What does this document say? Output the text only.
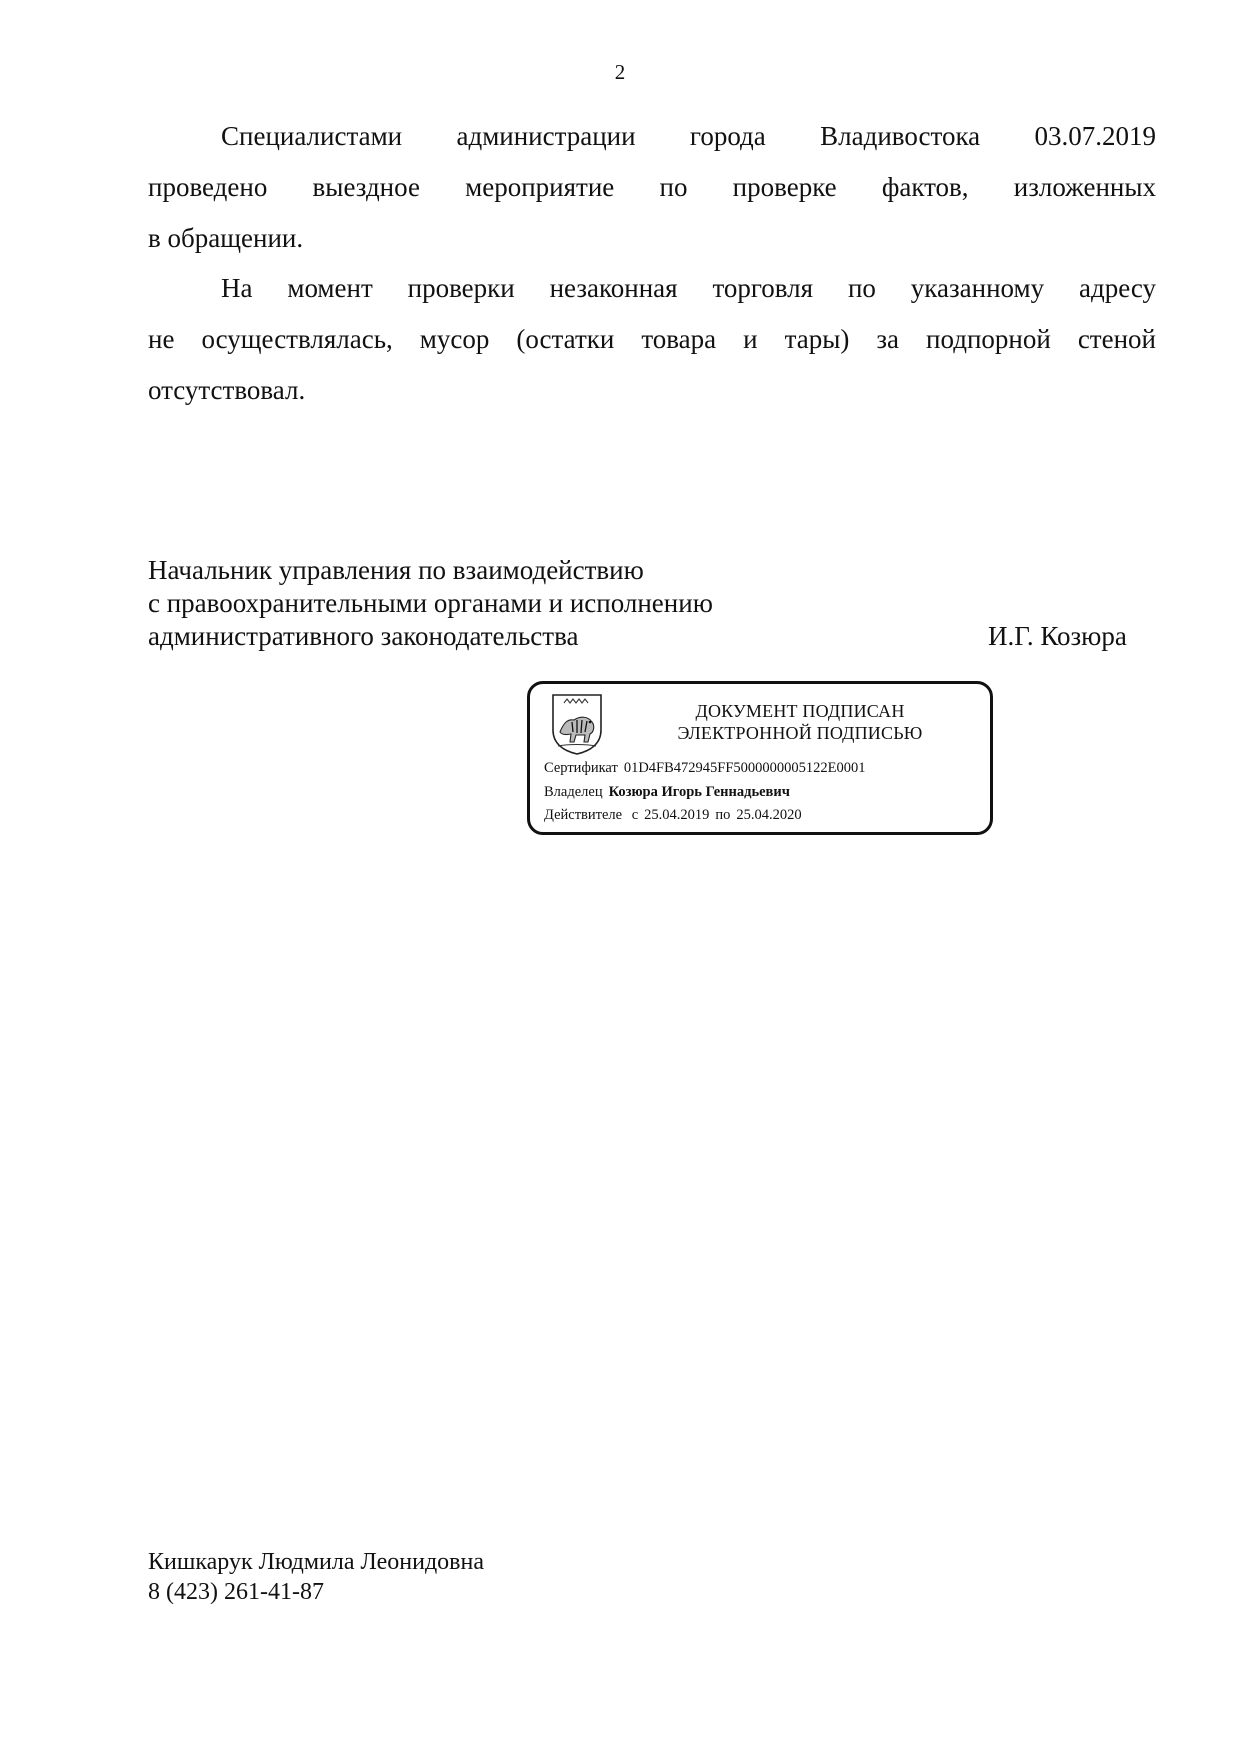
2
Специалистами администрации города Владивостока 03.07.2019
проведено выездное мероприятие по проверке фактов, изложенных
в обращении.
На момент проверки незаконная торговля по указанному адресу
не осуществлялась, мусор (остатки товара и тары) за подпорной стеной
отсутствовал.
Начальник управления по взаимодействию
с правоохранительными органами и исполнению
административного законодательства	И.Г. Козюра
ДОКУМЕНТ ПОДПИСАН
ЭЛЕКТРОННОЙ ПОДПИСЬЮ
Сертификат 01D4FB472945FF5000000005122E0001
Владелец Козюра Игорь Геннадьевич
Действителе с 25.04.2019 по 25.04.2020
Кишкарук Людмила Леонидовна
8 (423) 261-41-87
